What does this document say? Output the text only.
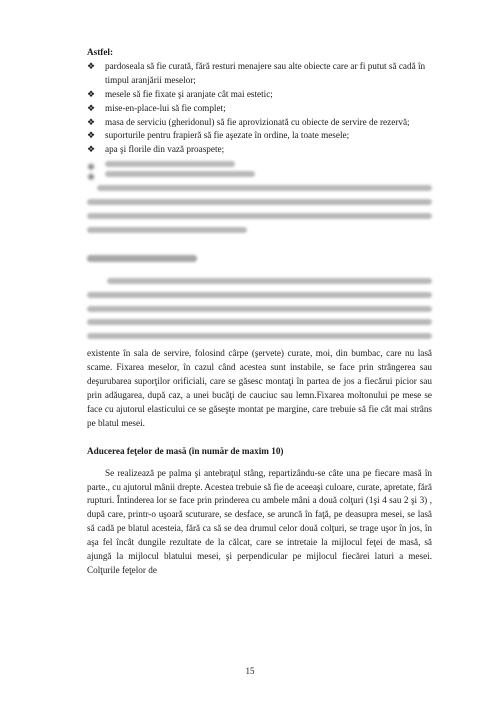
Astfel:

❖ pardoseala să fie curată, fără resturi menajere sau alte obiecte care ar fi putut să cadă în timpul aranjării meselor;
❖ mesele să fie fixate şi aranjate cât mai estetic;
❖ mise-en-place-lui să fie complet;
❖ masa de serviciu (gheridonul) să fie aprovizionată cu obiecte de servire de rezervă;
❖ suporturile pentru frapieră să fie aşezate în ordine, la toate mesele;
❖ apa şi florile din vază proaspete;
❖
❖

existente în sala de servire, folosind cârpe (şervete) curate, moi, din bumbac, care nu lasă scame. Fixarea meselor, în cazul când acestea sunt instabile, se face prin strângerea sau deşurubarea suporţilor orificiali, care se găsesc montaţi în partea de jos a fiecărui picior sau prin adăugarea, după caz, a unei bucăţi de cauciuc sau lemn.Fixarea moltonului pe mese se face cu ajutorul elasticului ce se găseşte montat pe margine, care trebuie să fie cât mai strâns pe blatul mesei.

Aducerea feţelor de masă (în număr de maxim 10)

Se realizează pe palma şi antebraţul stâng, repartizându-se câte una pe fiecare masă în parte., cu ajutorul mânii drepte. Acestea trebuie să fie de aceeaşi culoare, curate, apretate, fără rupturi. Întinderea lor se face prin prinderea cu ambele mâni a două colţuri (1şi 4 sau 2 şi 3) , după care, printr-o uşoară scuturare, se desface, se aruncă în faţă, pe deasupra mesei, se lasă să cadă pe blatul acesteia, fără ca să se dea drumul celor două colţuri, se trage uşor în jos, în aşa fel încât dungile rezultate de la călcat, care se intretaie la mijlocul feţei de masă, să ajungă la mijlocul blatului mesei, şi perpendicular pe mijlocul fiecărei laturi a mesei. Colţurile feţelor de

15
